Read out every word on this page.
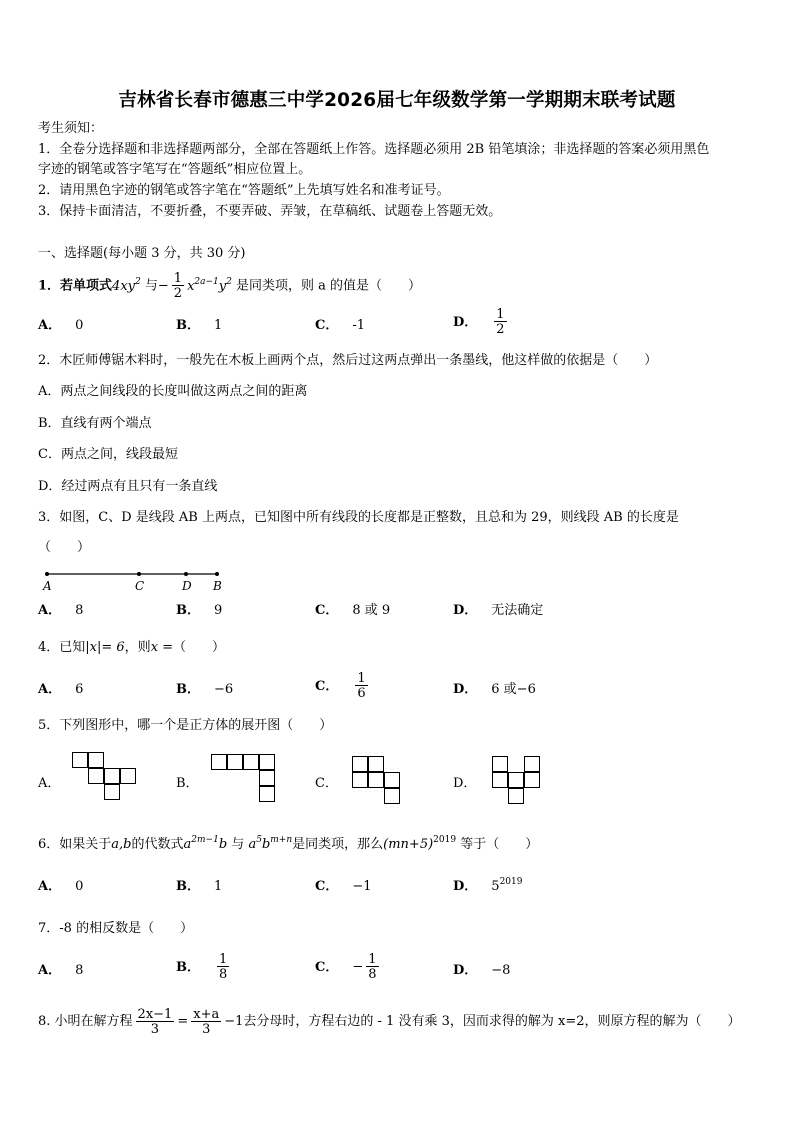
吉林省长春市德惠三中学2026届七年级数学第一学期期末联考试题
考生须知：
1．全卷分选择题和非选择题两部分，全部在答题纸上作答。选择题必须用 2B 铅笔填涂；非选择题的答案必须用黑色
字迹的钢笔或答字笔写在“答题纸”相应位置上。
2．请用黑色字迹的钢笔或答字笔在“答题纸”上先填写姓名和准考证号。
3．保持卡面清洁，不要折叠，不要弄破、弄皱，在草稿纸、试题卷上答题无效。
一、选择题(每小题 3 分，共 30 分)
1．若单项式$4xy^2$ 与− $\frac{1}{2} x^{2a-1}y^2$ 是同类项，则 a 的值是（　　）
A． 0	B． 1	C． -1	D． $\frac{1}{2}$
2．木匠师傅锯木料时，一般先在木板上画两个点，然后过这两点弹出一条墨线，他这样做的依据是（　　）
A．两点之间线段的长度叫做这两点之间的距离
B．直线有两个端点
C．两点之间，线段最短
D．经过两点有且只有一条直线
3．如图，C、D 是线段 AB 上两点，已知图中所有线段的长度都是正整数，且总和为 29，则线段 AB 的长度是
（　　）
A	C	D B
A． 8	B． 9	C． 8 或 9	D． 无法确定
4．已知|x|= 6，则x =（　　）
A． 6	B． −6	C． $\frac{1}{6}$	D． 6 或−6
5．下列图形中，哪一个是正方体的展开图（　　）
A．	B．	C．	D．
6．如果关于a,b的代数式$a^{2m-1}b$ 与 $a^5b^{m+n}$是同类项，那么$(mn+5)^{2019}$ 等于（　　）
A． 0	B． 1	C． −1	D． $5^{2019}$
7．-8 的相反数是（　　）
A． 8	B． $\frac{1}{8}$	C． − $\frac{1}{8}$	D． −8
8. 小明在解方程 $\frac{2x-1}{3} = \frac{x+a}{3} -1$去分母时，方程右边的 - 1 没有乘 3，因而求得的解为 x=2，则原方程的解为（　　）
